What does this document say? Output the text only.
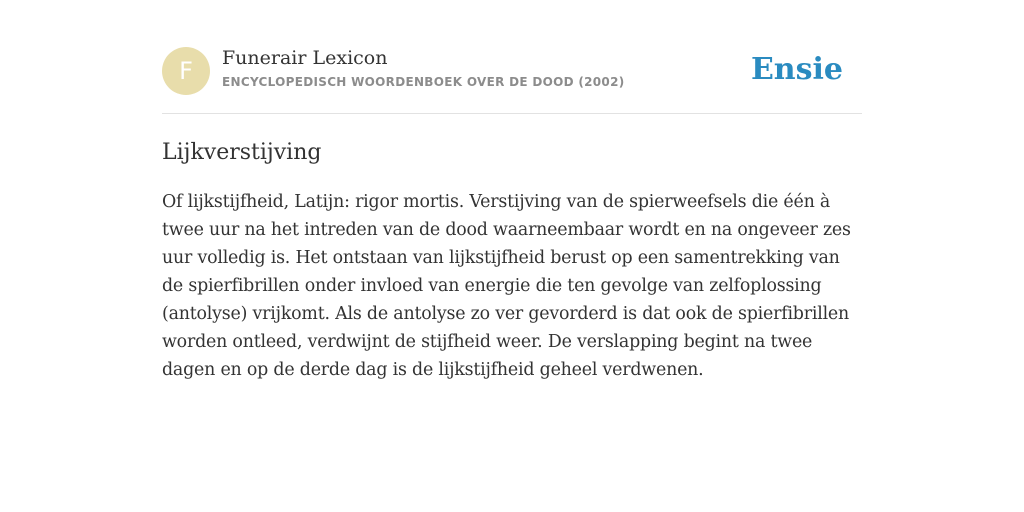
F	Funerair Lexicon
ENCYCLOPEDISCH WOORDENBOEK OVER DE DOOD (2002)	Ensie
Lijkverstijving

Of lijkstijfheid, Latijn: rigor mortis. Verstijving van de spierweefsels die één à twee uur na het intreden van de dood waarneembaar wordt en na ongeveer zes uur volledig is. Het ontstaan van lijkstijfheid berust op een samentrekking van de spierfibrillen onder invloed van energie die ten gevolge van zelfoplossing (antolyse) vrijkomt. Als de antolyse zo ver gevorderd is dat ook de spierfibrillen worden ontleed, verdwijnt de stijfheid weer. De verslapping begint na twee dagen en op de derde dag is de lijkstijfheid geheel verdwenen.
